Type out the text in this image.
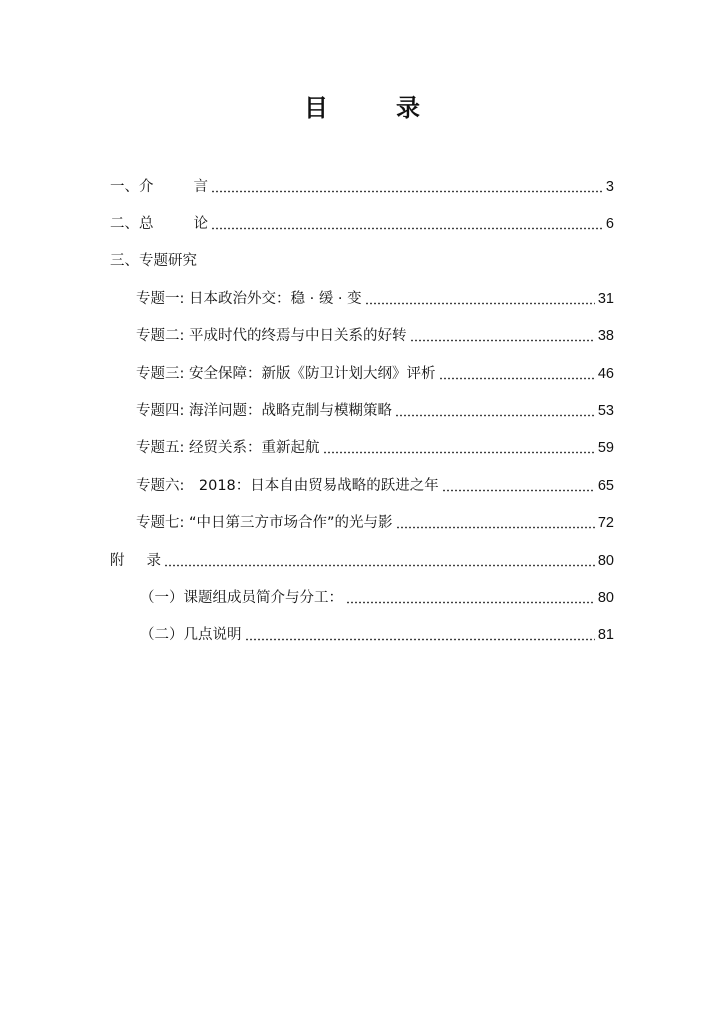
目　录
一、介	言	3
二、总	论	6
三、专题研究
专题一: 日本政治外交：稳 · 缓 · 变	31
专题二: 平成时代的终焉与中日关系的好转	38
专题三: 安全保障：新版《防卫计划大纲》评析	46
专题四: 海洋问题：战略克制与模糊策略	53
专题五: 经贸关系：重新起航	59
专题六:　2018：日本自由贸易战略的跃进之年	65
专题七: “中日第三方市场合作”的光与影	72
附 录	80
（一）课题组成员简介与分工：	80
（二）几点说明	81
